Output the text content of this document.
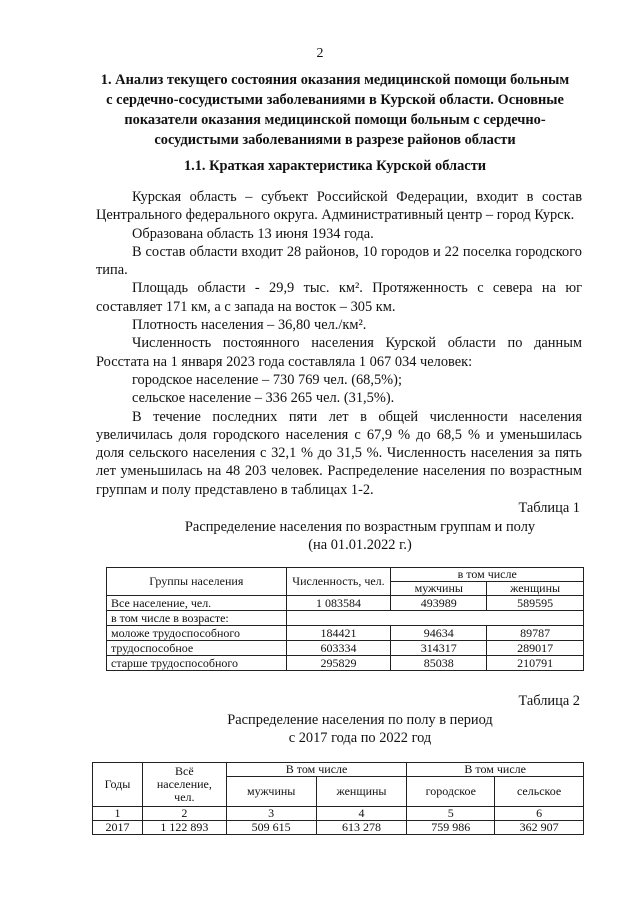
2
1. Анализ текущего состояния оказания медицинской помощи больным с сердечно-сосудистыми заболеваниями в Курской области. Основные показатели оказания медицинской помощи больным с сердечно-сосудистыми заболеваниями в разрезе районов области
1.1. Краткая характеристика Курской области

Курская область – субъект Российской Федерации, входит в состав Центрального федерального округа. Административный центр – город Курск.

Образована область 13 июня 1934 года.

В состав области входит 28 районов, 10 городов и 22 поселка городского типа.

Площадь области - 29,9 тыс. км². Протяженность с севера на юг составляет 171 км, а с запада на восток – 305 км.

Плотность населения – 36,80 чел./км².

Численность постоянного населения Курской области по данным Росстата на 1 января 2023 года составляла 1 067 034 человек:

городское население – 730 769 чел. (68,5%);

сельское население – 336 265 чел. (31,5%).

В течение последних пяти лет в общей численности населения увеличилась доля городского населения с 67,9 % до 68,5 % и уменьшилась доля сельского населения с 32,1 % до 31,5 %. Численность населения за пять лет уменьшилась на 48 203 человек. Распределение населения по возрастным группам и полу представлено в таблицах 1-2.

Таблица 1
Распределение населения по возрастным группам и полу
(на 01.01.2022 г.)
Группы населения	Численность, чел.	в том числе	
		мужчины	женщины
Все население, чел.	1 083584	493989	589595
в том числе в возрасте:			
моложе трудоспособного	184421	94634	89787
трудоспособное	603334	314317	289017
старше трудоспособного	295829	85038	210791
Таблица 2
Распределение населения по полу в период
с 2017 года по 2022 год
Годы	Всё население, чел.	В том числе		В том числе	
		мужчины	женщины	городское	сельское
1	2	3	4	5	6
2017	1 122 893	509 615	613 278	759 986	362 907
